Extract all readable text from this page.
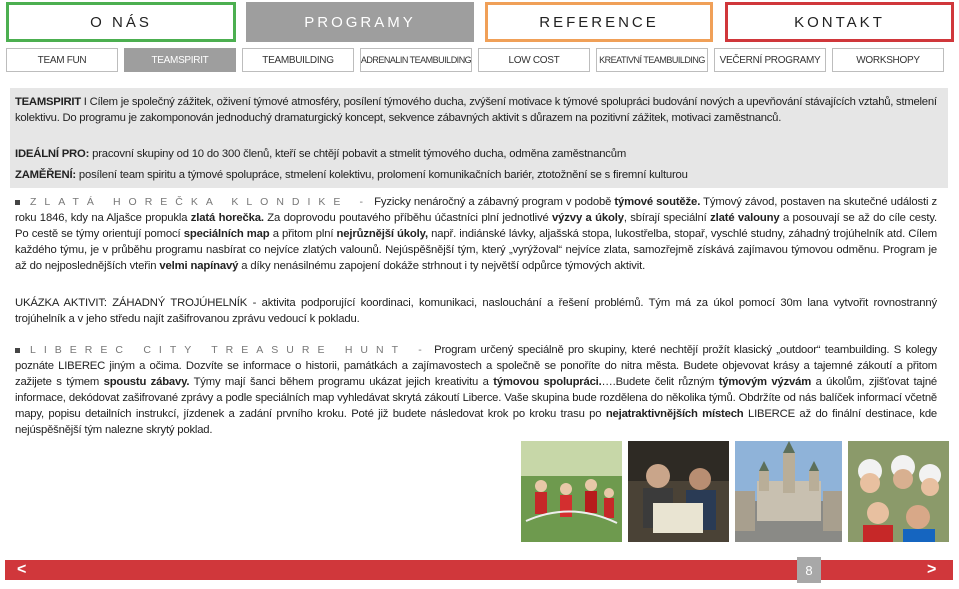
O NÁS	PROGRAMY	REFERENCE	KONTAKT
TEAM FUN	TEAMSPIRIT	TEAMBUILDING	ADRENALIN TEAMBUILDING	LOW COST	KREATIVNÍ TEAMBUILDING	VEČERNÍ PROGRAMY	WORKSHOPY
TEAMSPIRIT I Cílem je společný zážitek, oživení týmové atmosféry, posílení týmového ducha, zvýšení motivace k týmové spolupráci budování nových a upevňování stávajících vztahů, stmelení kolektivu. Do programu je zakomponován jednoduchý dramaturgický koncept, sekvence zábavných aktivit s důrazem na pozitivní zážitek, motivaci zaměstnanců.
IDEÁLNÍ PRO: pracovní skupiny od 10 do 300 členů, kteří se chtějí pobavit a stmelit týmového ducha, odměna zaměstnancům
ZAMĚŘENÍ: posílení team spiritu a týmové spolupráce, stmelení kolektivu, prolomení komunikačních bariér, ztotožnění se s firemní kulturou
ZLATÁ HOREČKA KLONDIKE - Fyzicky nenáročný a zábavný program v podobě týmové soutěže. Týmový závod, postaven na skutečné události z roku 1846, kdy na Aljašce propukla zlatá horečka. Za doprovodu poutavého příběhu účastníci plní jednotlivé výzvy a úkoly, sbírají speciální zlaté valouny a posouvají se až do cíle cesty. Po cestě se týmy orientují pomocí speciálních map a přitom plní nejrůznější úkoly, např. indiánské lávky, aljašská stopa, lukostřelba, stopař, vyschlé studny, záhadný trojúhelník atd. Cílem každého týmu, je v průběhu programu nasbírat co nejvíce zlatých valounů. Nejúspěšnější tým, který „vyrýžoval“ nejvíce zlata, samozřejmě získává zajímavou týmovou odměnu. Program je až do nejposlednějších vteřin velmi napínavý a díky nenásilnému zapojení dokáže strhnout i ty největší odpůrce týmových aktivit.
UKÁZKA AKTIVIT: ZÁHADNÝ TROJÚHELNÍK - aktivita podporující koordinaci, komunikaci, naslouchání a řešení problémů. Tým má za úkol pomocí 30m lana vytvořit rovnostranný trojúhelník a v jeho středu najít zašifrovanou zprávu vedoucí k pokladu.
LIBEREC CITY TREASURE HUNT - Program určený speciálně pro skupiny, které nechtějí prožít klasický „outdoor“ teambuilding. S kolegy poznáte LIBEREC jiným a očima. Dozvíte se informace o historii, památkách a zajímavostech a společně se ponoříte do nitra města. Budete objevovat krásy a tajemné zákoutí a přitom zažijete s týmem spoustu zábavy. Týmy mají šanci během programu ukázat jejich kreativitu a týmovou spolupráci.….Budete čelit různým týmovým výzvám a úkolům, zjišťovat tajné informace, dekódovat zašifrované zprávy a podle speciálních map vyhledávat skrytá zákoutí Liberce. Vaše skupina bude rozdělena do několika týmů. Obdržíte od nás balíček informací včetně mapy, popisu detailních instrukcí, jízdenek a zadání prvního kroku. Poté již budete následovat krok po kroku trasu po nejatraktivnějších místech LIBERCE až do finální destinace, kde nejúspěšnější tým nalezne skrytý poklad.
<	>
8
